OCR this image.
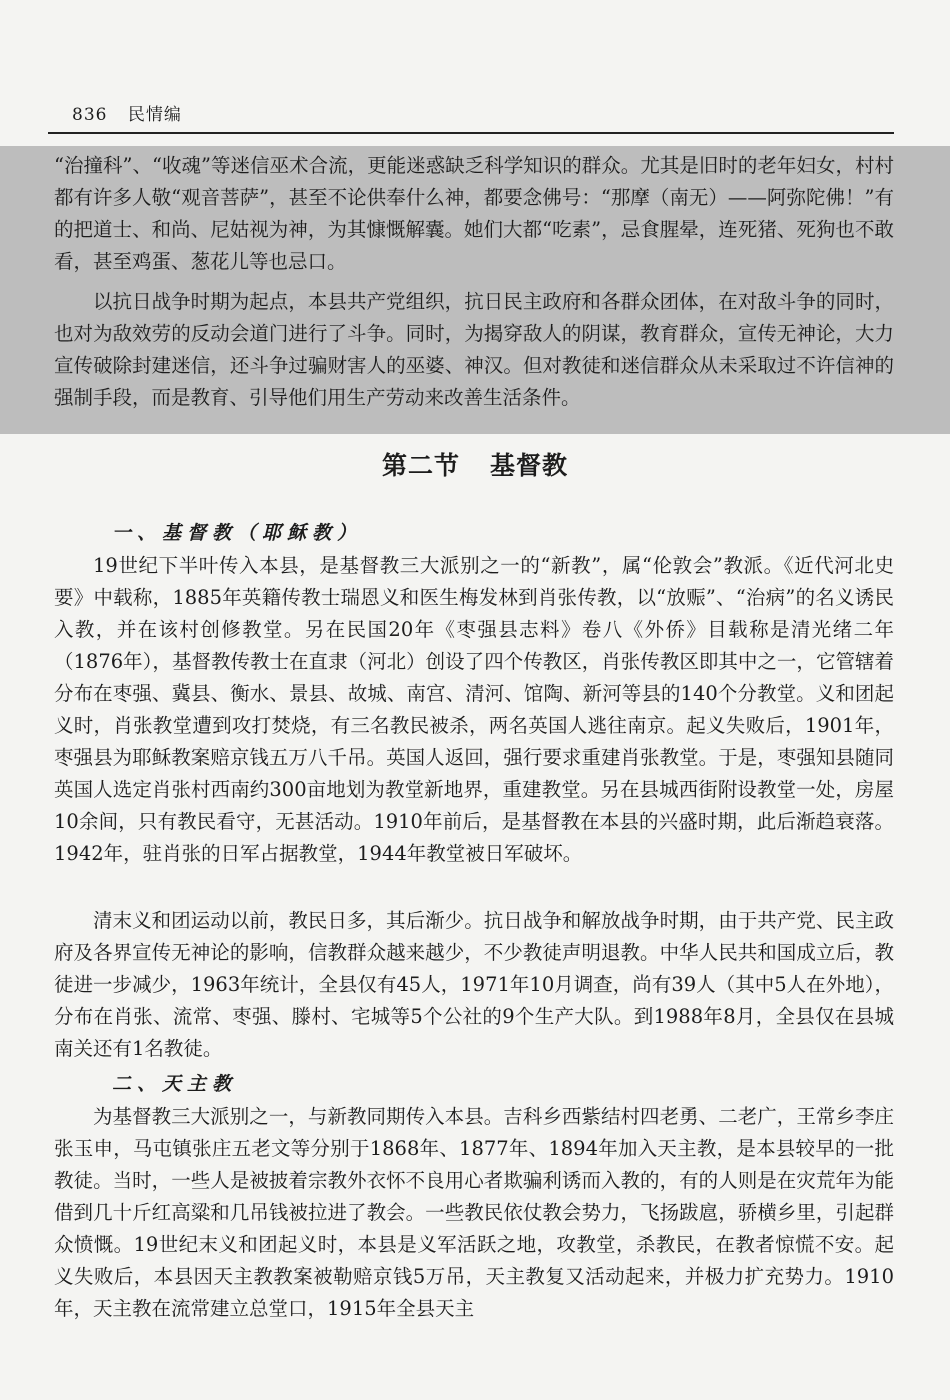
836 民情编

“治撞科”、“收魂”等迷信巫术合流，更能迷惑缺乏科学知识的群众。尤其是旧时的老年妇女，村村都有许多人敬“观音菩萨”，甚至不论供奉什么神，都要念佛号：“那摩（南无）——阿弥陀佛！”有的把道士、和尚、尼姑视为神，为其慷慨解囊。她们大都“吃素”，忌食腥晕，连死猪、死狗也不敢看，甚至鸡蛋、葱花儿等也忌口。

以抗日战争时期为起点，本县共产党组织，抗日民主政府和各群众团体，在对敌斗争的同时，也对为敌效劳的反动会道门进行了斗争。同时，为揭穿敌人的阴谋，教育群众，宣传无神论，大力宣传破除封建迷信，还斗争过骗财害人的巫婆、神汉。但对教徒和迷信群众从未采取过不许信神的强制手段，而是教育、引导他们用生产劳动来改善生活条件。

第二节 基督教
一、基督教（耶稣教）

19世纪下半叶传入本县，是基督教三大派别之一的“新教”，属“伦敦会”教派。《近代河北史要》中载称，1885年英籍传教士瑞恩义和医生梅发林到肖张传教，以“放赈”、“治病”的名义诱民入教，并在该村创修教堂。另在民国20年《枣强县志料》卷八《外侨》目载称是清光绪二年（1876年），基督教传教士在直隶（河北）创设了四个传教区，肖张传教区即其中之一，它管辖着分布在枣强、冀县、衡水、景县、故城、南宫、清河、馆陶、新河等县的140个分教堂。义和团起义时，肖张教堂遭到攻打焚烧，有三名教民被杀，两名英国人逃往南京。起义失败后，1901年，枣强县为耶稣教案赔京钱五万八千吊。英国人返回，强行要求重建肖张教堂。于是，枣强知县随同英国人选定肖张村西南约300亩地划为教堂新地界，重建教堂。另在县城西街附设教堂一处，房屋10余间，只有教民看守，无甚活动。1910年前后，是基督教在本县的兴盛时期，此后渐趋衰落。1942年，驻肖张的日军占据教堂，1944年教堂被日军破坏。

清末义和团运动以前，教民日多，其后渐少。抗日战争和解放战争时期，由于共产党、民主政府及各界宣传无神论的影响，信教群众越来越少，不少教徒声明退教。中华人民共和国成立后，教徒进一步减少，1963年统计，全县仅有45人，1971年10月调查，尚有39人（其中5人在外地），分布在肖张、流常、枣强、滕村、宅城等5个公社的9个生产大队。到1988年8月，全县仅在县城南关还有1名教徒。

二、天主教

为基督教三大派别之一，与新教同期传入本县。吉科乡西紫结村四老勇、二老广，王常乡李庄张玉申，马屯镇张庄五老文等分别于1868年、1877年、1894年加入天主教，是本县较早的一批教徒。当时，一些人是被披着宗教外衣怀不良用心者欺骗利诱而入教的，有的人则是在灾荒年为能借到几十斤红高粱和几吊钱被拉进了教会。一些教民依仗教会势力，飞扬跋扈，骄横乡里，引起群众愤慨。19世纪末义和团起义时，本县是义军活跃之地，攻教堂，杀教民，在教者惊慌不安。起义失败后，本县因天主教教案被勒赔京钱5万吊，天主教复又活动起来，并极力扩充势力。1910年，天主教在流常建立总堂口，1915年全县天主
